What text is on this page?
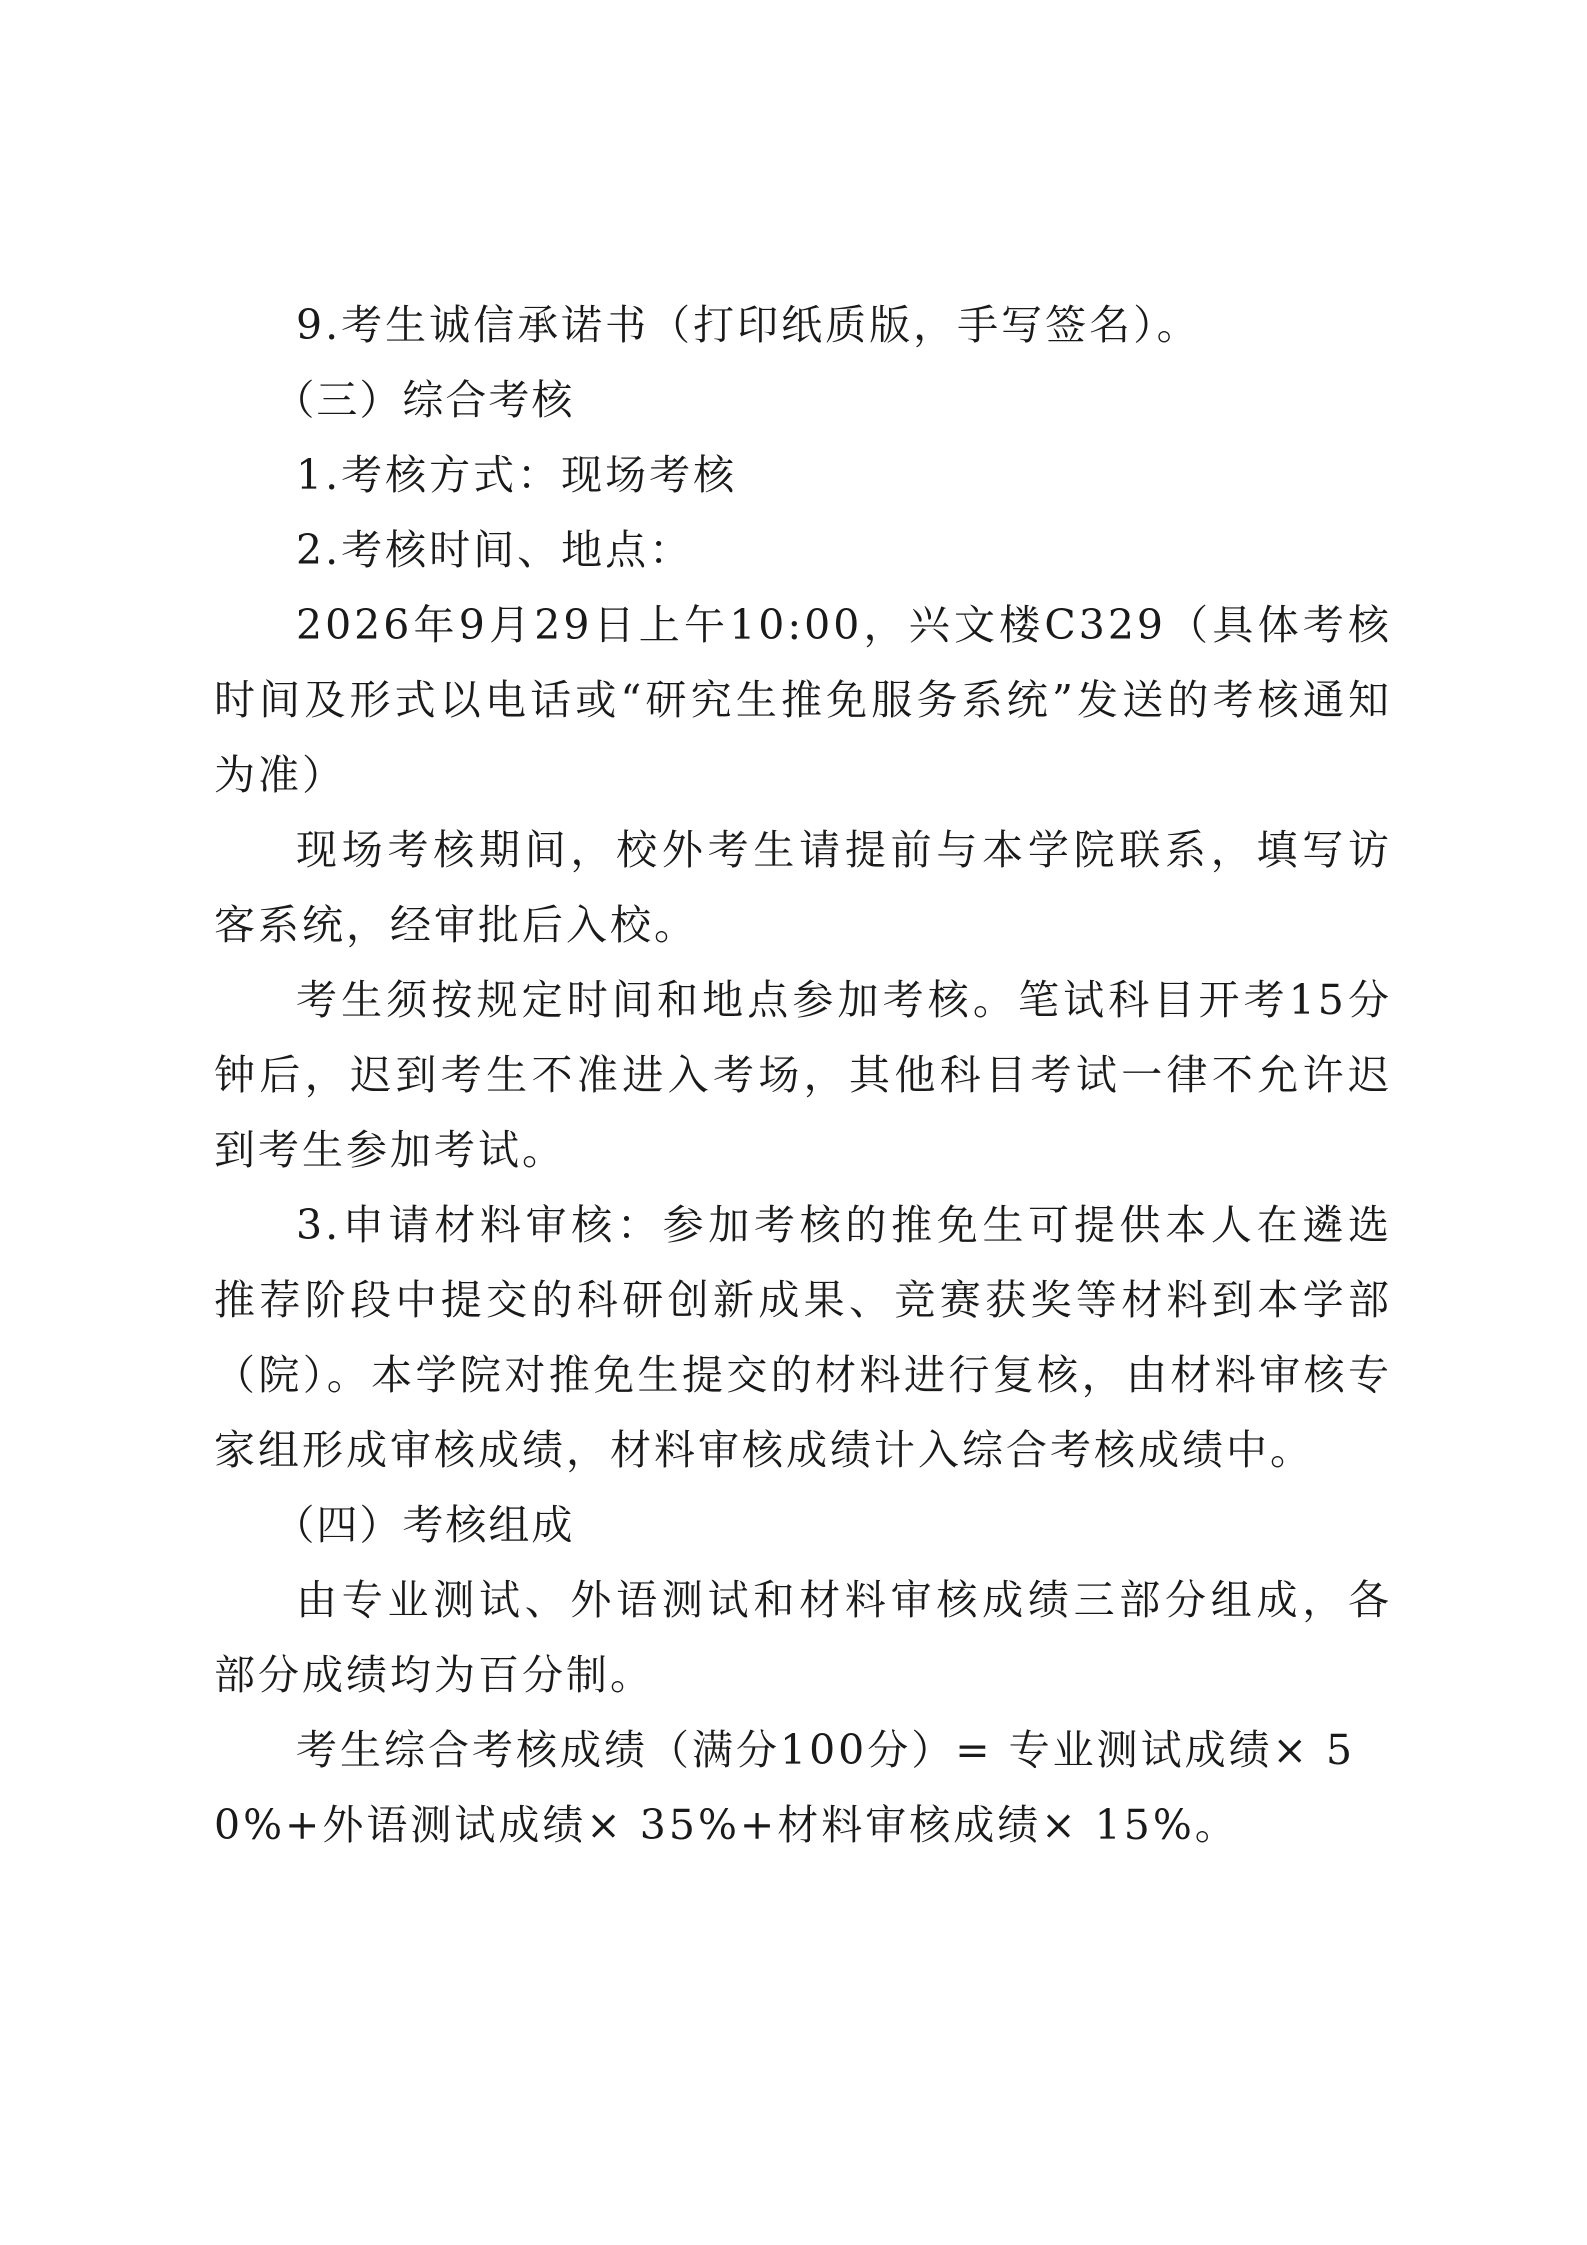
9.考生诚信承诺书（打印纸质版，手写签名）。

（三）综合考核

1.考核方式：现场考核

2.考核时间、地点：

2026年9月29日上午10:00，兴文楼C329（具体考核时间及形式以电话或“研究生推免服务系统”发送的考核通知为准）

现场考核期间，校外考生请提前与本学院联系，填写访客系统，经审批后入校。

考生须按规定时间和地点参加考核。笔试科目开考15分钟后，迟到考生不准进入考场，其他科目考试一律不允许迟到考生参加考试。

3.申请材料审核：参加考核的推免生可提供本人在遴选推荐阶段中提交的科研创新成果、竞赛获奖等材料到本学部（院）。本学院对推免生提交的材料进行复核，由材料审核专家组形成审核成绩，材料审核成绩计入综合考核成绩中。

（四）考核组成

由专业测试、外语测试和材料审核成绩三部分组成，各部分成绩均为百分制。

考生综合考核成绩（满分100分）= 专业测试成绩× 50%+外语测试成绩× 35%+材料审核成绩× 15%。
